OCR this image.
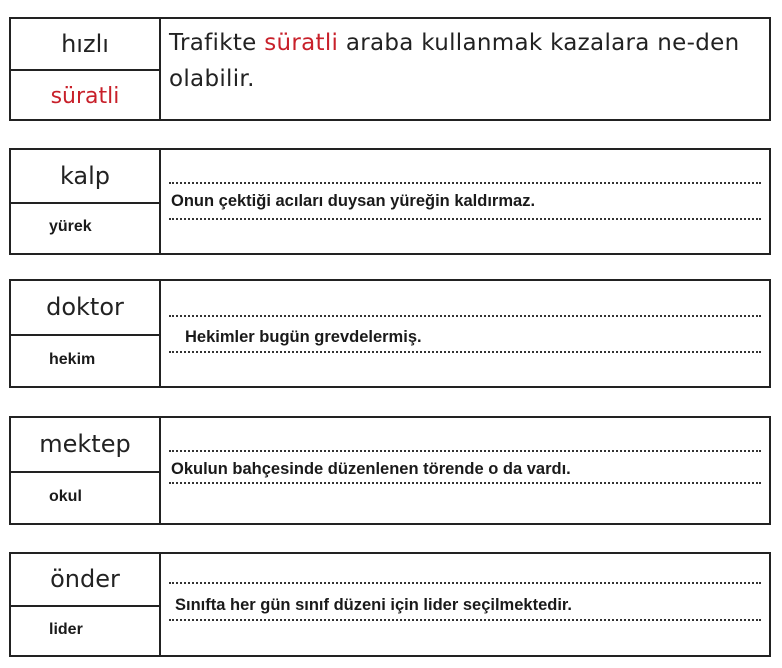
hızlı
süratli
Trafikte süratli araba kullanmak kazalara ne-den olabilir.
kalp
yürek
Onun çektiği acıları duysan yüreğin kaldırmaz.
doktor
hekim
Hekimler bugün grevdelermiş.
mektep
okul
Okulun bahçesinde düzenlenen törende o da vardı.
önder
lider
Sınıfta her gün sınıf düzeni için lider seçilmektedir.
